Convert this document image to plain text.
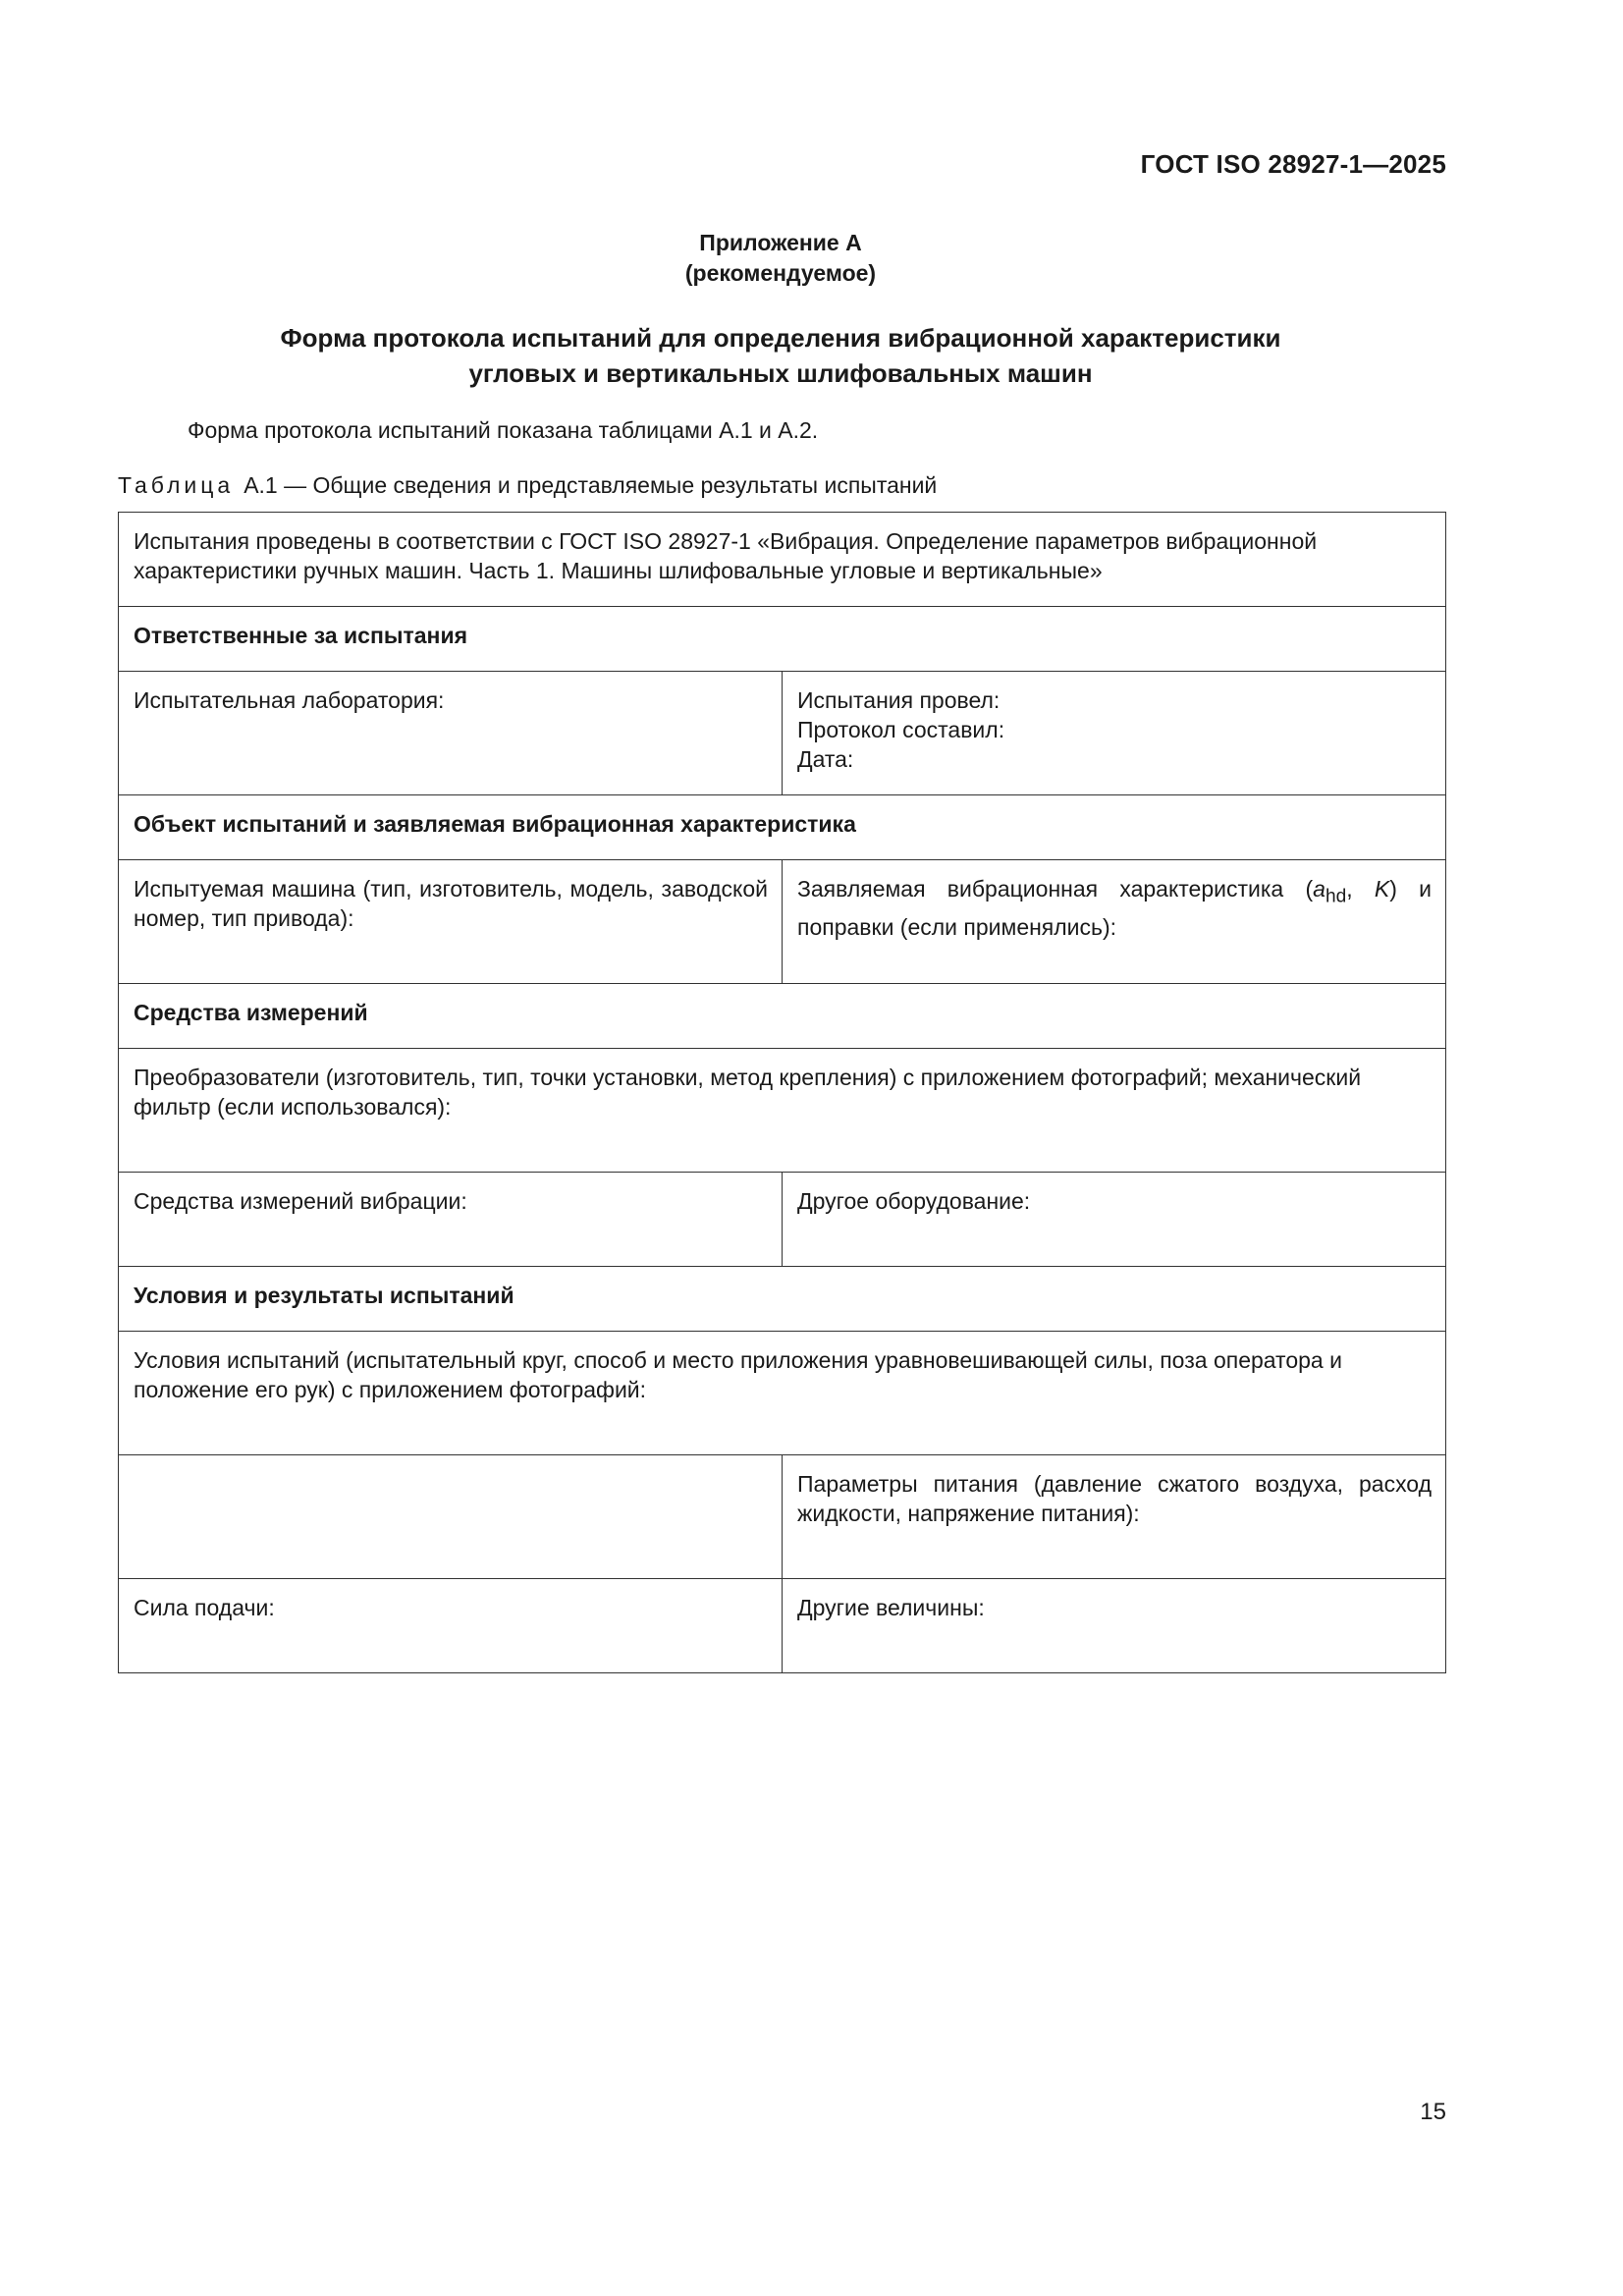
ГОСТ ISO 28927-1—2025
Приложение А
(рекомендуемое)
Форма протокола испытаний для определения вибрационной характеристики
угловых и вертикальных шлифовальных машин
Форма протокола испытаний показана таблицами А.1 и А.2.
Таблица А.1 — Общие сведения и представляемые результаты испытаний
Испытания проведены в соответствии с ГОСТ ISO 28927-1 «Вибрация. Определение параметров вибрационной характеристики ручных машин. Часть 1. Машины шлифовальные угловые и вертикальные»	
Ответственные за испытания	
Испытательная лаборатория:	Испытания провел:
Протокол составил:
Дата:

Объект испытаний и заявляемая вибрационная характеристика	
Испытуемая машина (тип, изготовитель, модель, заводской номер, тип привода):	Заявляемая вибрационная характеристика ($a_{hd}$, K) и поправки (если применялись):
Средства измерений	
Преобразователи (изготовитель, тип, точки установки, метод крепления) с приложением фотографий; механический фильтр (если использовался):	
Средства измерений вибрации:	Другое оборудование:
Условия и результаты испытаний	
Условия испытаний (испытательный круг, способ и место приложения уравновешивающей силы, поза оператора и положение его рук) с приложением фотографий:	
	Параметры питания (давление сжатого воздуха, расход жидкости, напряжение питания):
Сила подачи:	Другие величины:
15
